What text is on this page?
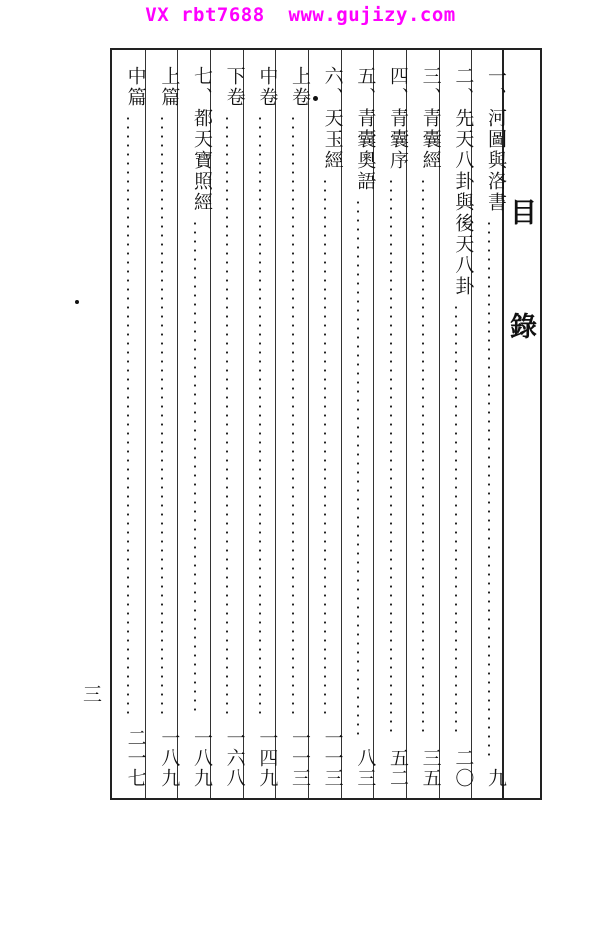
VX rbt7688  www.gujizy.com
目　錄
一、河圖與洛書
九
二、先天八卦與後天八卦
二〇
三、青囊經
三五
四、青囊序
五二
五、青囊奧語
八三
六、天玉經
一一三
上卷
一一三
中卷
一四九
下卷
一六八
七、都天寶照經
一八九
上篇
一八九
中篇
二一七
三
